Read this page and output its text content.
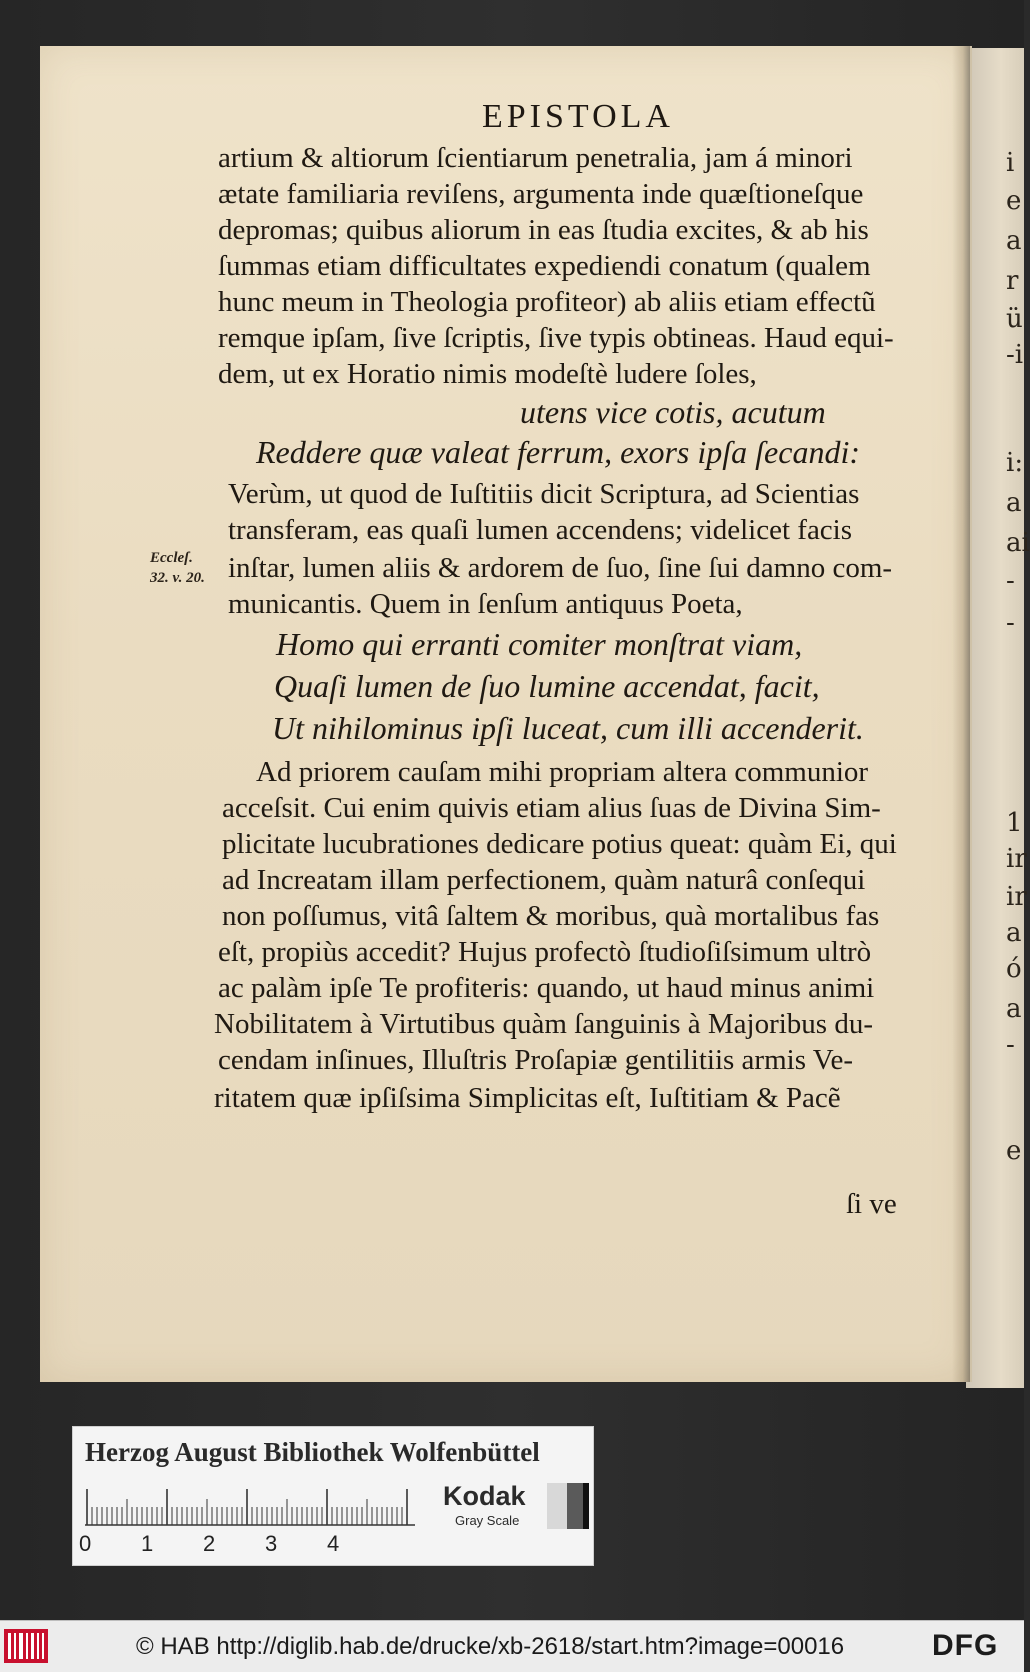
i
e
a
r
ü
-i
i:
a
ai
-
-
1
ir
ir
a
ó
a
-
e
EPISTOLA
artium & altiorum ſcientiarum penetralia, jam á minori
ætate familiaria reviſens, argumenta inde quæſtioneſque
depromas; quibus aliorum in eas ſtudia excites, & ab his
ſummas etiam difficultates expediendi conatum (qualem
hunc meum in Theologia profiteor) ab aliis etiam effectũ
remque ipſam, ſive ſcriptis, ſive typis obtineas. Haud equi-
dem, ut ex Horatio nimis modeſtè ludere ſoles,
utens vice cotis, acutum
Reddere quæ valeat ferrum, exors ipſa ſecandi:
Verùm, ut quod de Iuſtitiis dicit Scriptura, ad Scientias
transferam, eas quaſi lumen accendens; videlicet facis
inſtar, lumen aliis & ardorem de ſuo, ſine ſui damno com-
municantis. Quem in ſenſum antiquus Poeta,
Homo qui erranti comiter monſtrat viam,
Quaſi lumen de ſuo lumine accendat, facit,
Ut nihilominus ipſi luceat, cum illi accenderit.
Ad priorem cauſam mihi propriam altera communior
acceſsit. Cui enim quivis etiam alius ſuas de Divina Sim-
plicitate lucubrationes dedicare potius queat: quàm Ei, qui
ad Increatam illam perfectionem, quàm naturâ conſequi
non poſſumus, vitâ ſaltem & moribus, quà mortalibus fas
eſt, propiùs accedit? Hujus profectò ſtudioſiſsimum ultrò
ac palàm ipſe Te profiteris: quando, ut haud minus animi
Nobilitatem à Virtutibus quàm ſanguinis à Majoribus du-
cendam inſinues, Illuſtris Proſapiæ gentilitiis armis Ve-
ritatem quæ ipſiſsima Simplicitas eſt, Iuſtitiam & Pacẽ
Eccleſ.
32. v. 20.
ſi ve
Herzog August Bibliothek Wolfenbüttel
0 1 2 3 4
Kodak
Gray Scale
© HAB http://diglib.hab.de/drucke/xb-2618/start.htm?image=00016	DFG
